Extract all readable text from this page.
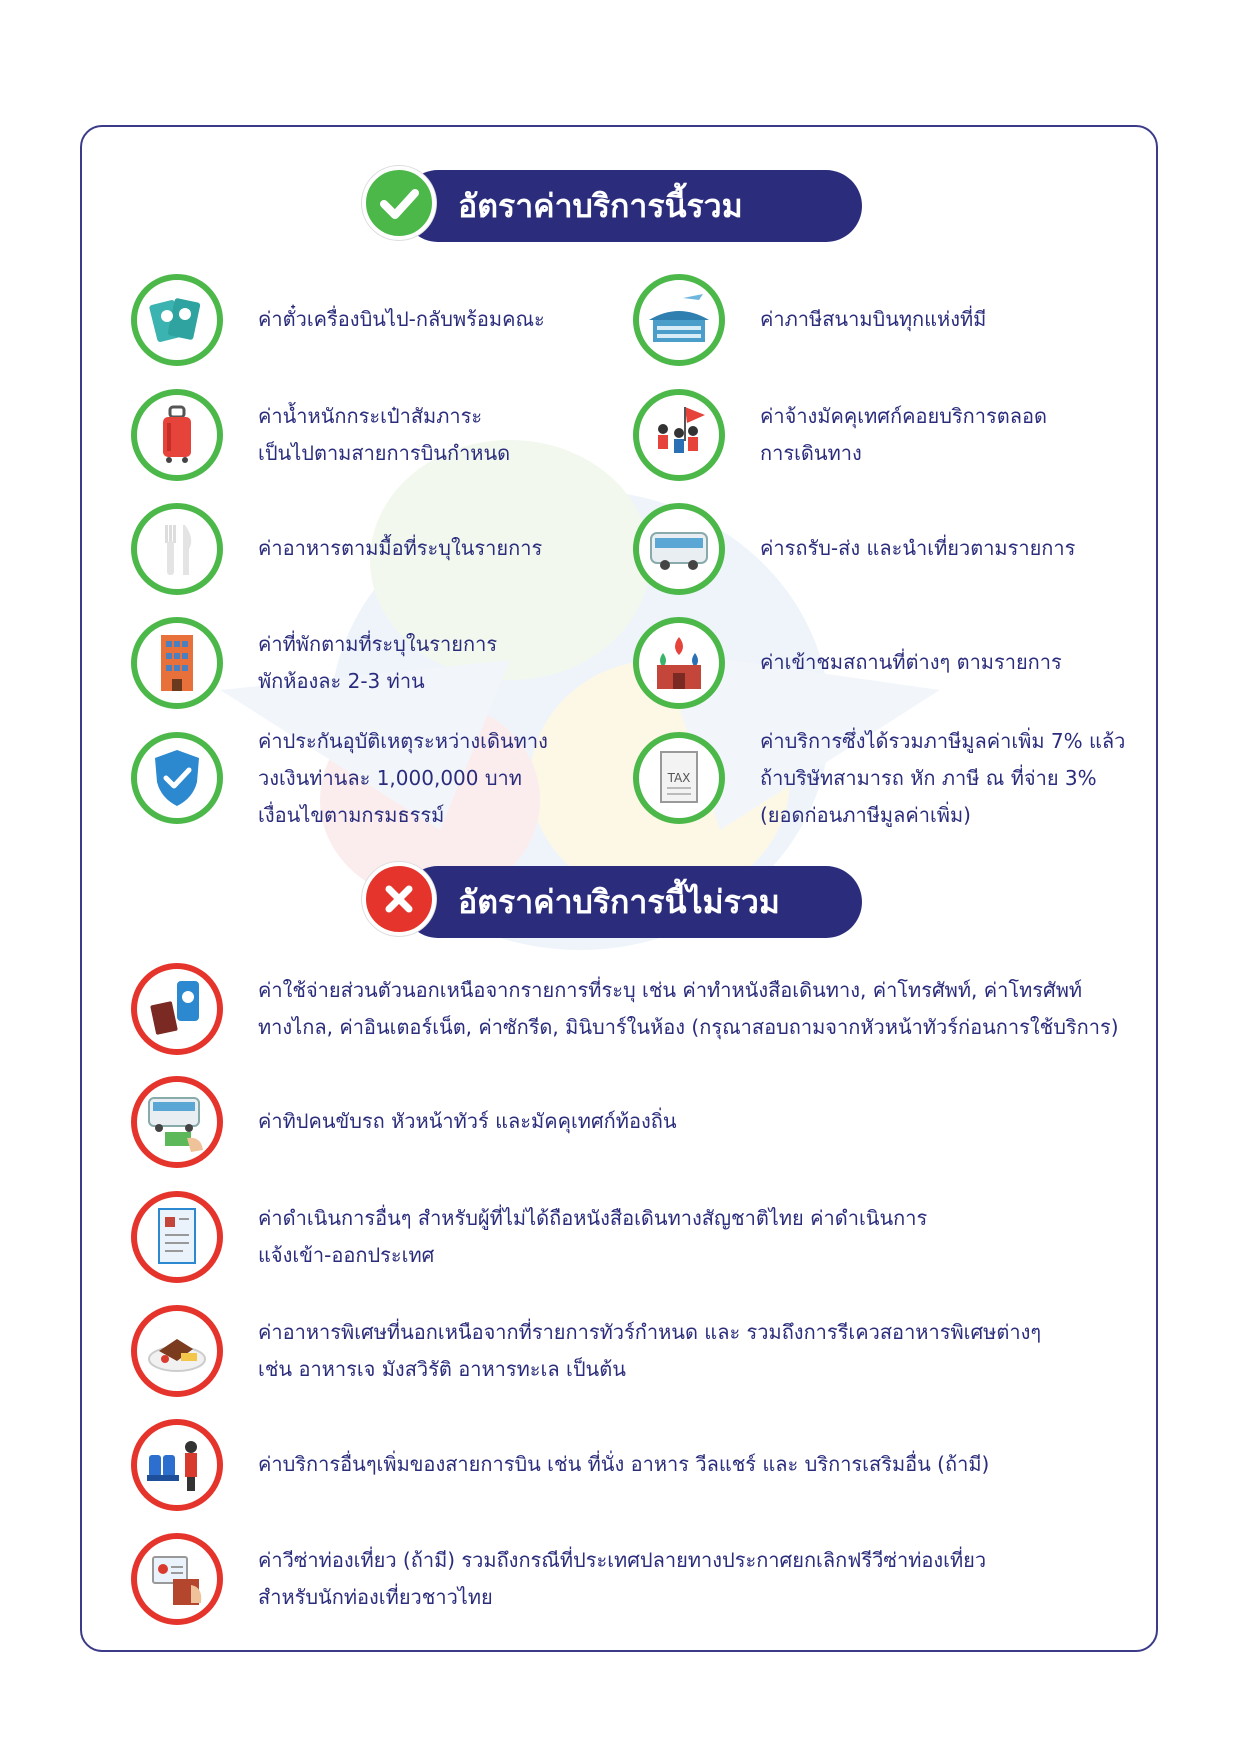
อัตราค่าบริการนี้รวม
ค่าตั๋วเครื่องบินไป-กลับพร้อมคณะ	ค่าภาษีสนามบินทุกแห่งที่มี
ค่าน้ำหนักกระเป๋าสัมภาระ
เป็นไปตามสายการบินกำหนด
ค่าจ้างมัคคุเทศก์คอยบริการตลอด
การเดินทาง
ค่าอาหารตามมื้อที่ระบุในรายการ	ค่ารถรับ-ส่ง และนำเที่ยวตามรายการ
ค่าที่พักตามที่ระบุในรายการ
พักห้องละ 2-3 ท่าน
ค่าเข้าชมสถานที่ต่างๆ ตามรายการ
ค่าประกันอุบัติเหตุระหว่างเดินทาง
วงเงินท่านละ 1,000,000 บาท
เงื่อนไขตามกรมธรรม์
TAX
ค่าบริการซึ่งได้รวมภาษีมูลค่าเพิ่ม 7% แล้ว
ถ้าบริษัทสามารถ หัก ภาษี ณ ที่จ่าย 3%
(ยอดก่อนภาษีมูลค่าเพิ่ม)
อัตราค่าบริการนี้ไม่รวม
ค่าใช้จ่ายส่วนตัวนอกเหนือจากรายการที่ระบุ เช่น ค่าทำหนังสือเดินทาง, ค่าโทรศัพท์, ค่าโทรศัพท์
ทางไกล, ค่าอินเตอร์เน็ต, ค่าซักรีด, มินิบาร์ในห้อง (กรุณาสอบถามจากหัวหน้าทัวร์ก่อนการใช้บริการ)
ค่าทิปคนขับรถ หัวหน้าทัวร์ และมัคคุเทศก์ท้องถิ่น
ค่าดำเนินการอื่นๆ สำหรับผู้ที่ไม่ได้ถือหนังสือเดินทางสัญชาติไทย ค่าดำเนินการ
แจ้งเข้า-ออกประเทศ
ค่าอาหารพิเศษที่นอกเหนือจากที่รายการทัวร์กำหนด และ รวมถึงการรีเควสอาหารพิเศษต่างๆ
เช่น อาหารเจ มังสวิรัติ อาหารทะเล เป็นต้น
ค่าบริการอื่นๆเพิ่มของสายการบิน เช่น ที่นั่ง อาหาร วีลแชร์ และ บริการเสริมอื่น (ถ้ามี)
ค่าวีซ่าท่องเที่ยว (ถ้ามี) รวมถึงกรณีที่ประเทศปลายทางประกาศยกเลิกฟรีวีซ่าท่องเที่ยว
สำหรับนักท่องเที่ยวชาวไทย
